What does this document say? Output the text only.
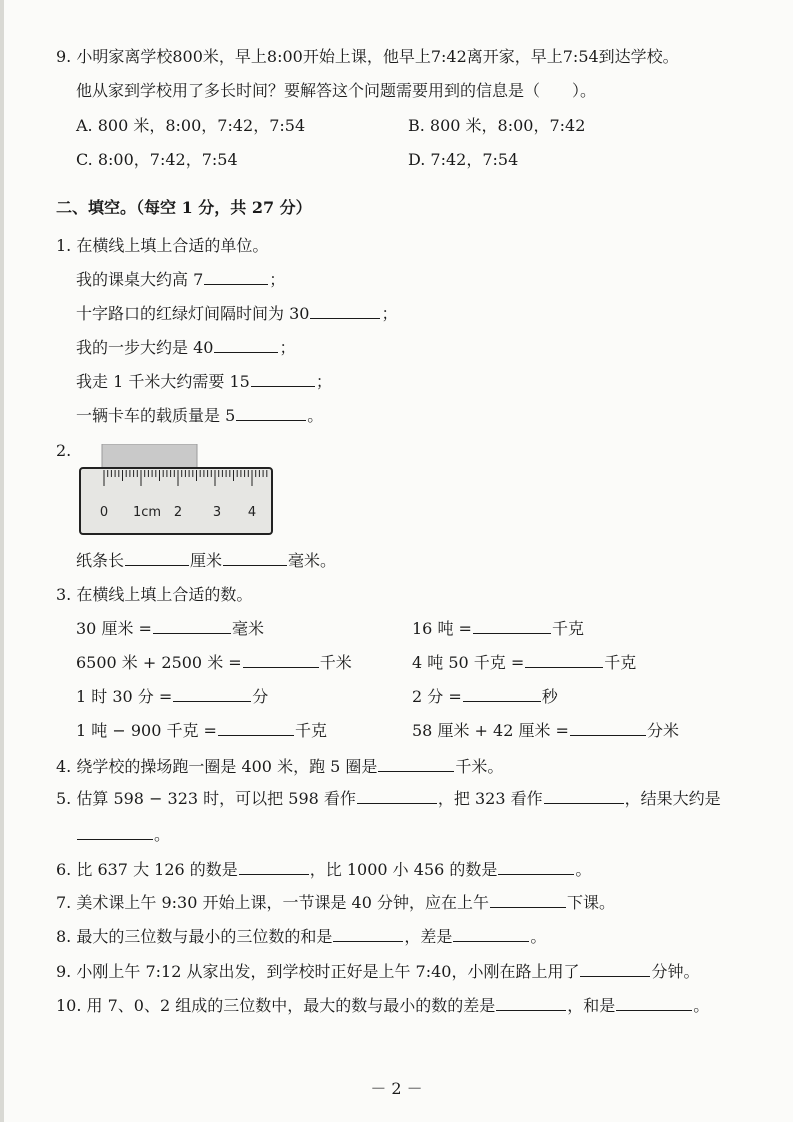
9. 小明家离学校800米，早上8:00开始上课，他早上7:42离开家，早上7:54到达学校。
他从家到学校用了多长时间？要解答这个问题需要用到的信息是（　　）。
A. 800 米，8:00，7:42，7:54	B. 800 米，8:00，7:42
C. 8:00，7:42，7:54	D. 7:42，7:54
二、填空。（每空 1 分，共 27 分）
1. 在横线上填上合适的单位。
我的课桌大约高 7	；
十字路口的红绿灯间隔时间为 30	；
我的一步大约是 40	；
我走 1 千米大约需要 15	；
一辆卡车的载质量是 5	。
2.
0 1cm 2 3 4
纸条长	厘米	毫米。
3. 在横线上填上合适的数。
30 厘米 =	毫米	16 吨 =	千克
6500 米 + 2500 米 =	千米	4 吨 50 千克 =	千克
1 时 30 分 =	分	2 分 =	秒
1 吨 − 900 千克 =	千克	58 厘米 + 42 厘米 =	分米
4. 绕学校的操场跑一圈是 400 米，跑 5 圈是	千米。
5. 估算 598 − 323 时，可以把 598 看作	，把 323 看作	，结果大约是
。
6. 比 637 大 126 的数是	，比 1000 小 456 的数是	。
7. 美术课上午 9:30 开始上课，一节课是 40 分钟，应在上午	下课。
8. 最大的三位数与最小的三位数的和是	，差是	。
9. 小刚上午 7:12 从家出发，到学校时正好是上午 7:40，小刚在路上用了	分钟。
10. 用 7、0、2 组成的三位数中，最大的数与最小的数的差是	，和是	。
－ 2 －
